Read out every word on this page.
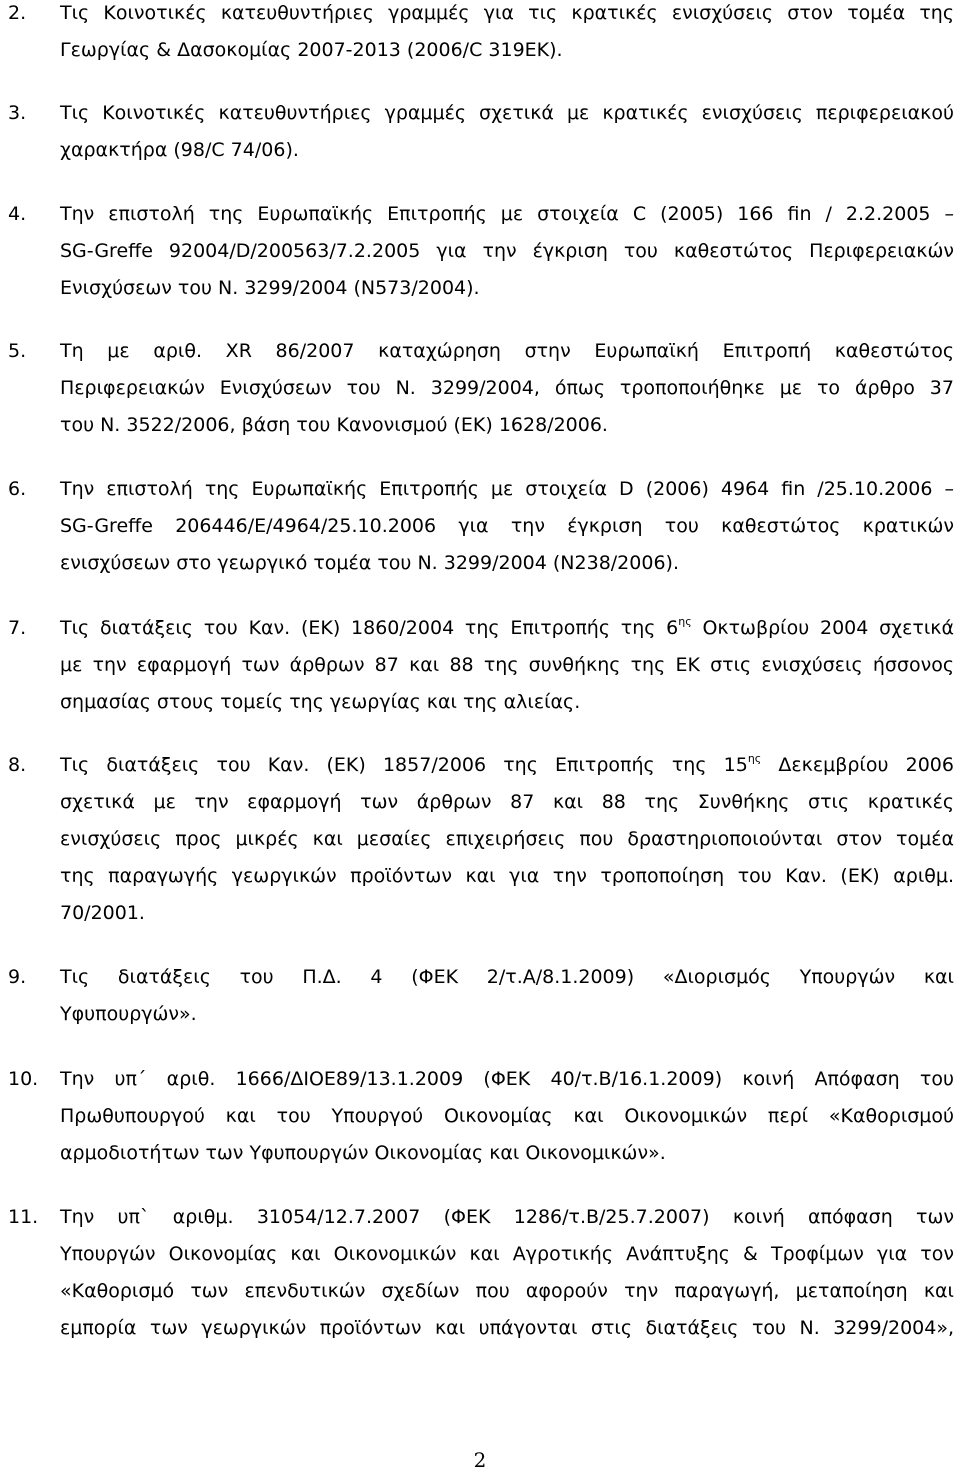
2. Τις Κοινοτικές κατευθυντήριες γραμμές για τις κρατικές ενισχύσεις στον τομέα της
Γεωργίας & Δασοκομίας 2007-2013 (2006/C 319ΕΚ).
3. Τις Κοινοτικές κατευθυντήριες γραμμές σχετικά με κρατικές ενισχύσεις περιφερειακού
χαρακτήρα (98/C 74/06).
4. Την επιστολή της Ευρωπαϊκής Επιτροπής με στοιχεία C (2005) 166 fin / 2.2.2005 –
SG-Greffe 92004/D/200563/7.2.2005 για την έγκριση του καθεστώτος Περιφερειακών
Ενισχύσεων του Ν. 3299/2004 (Ν573/2004).
5. Τη με αριθ. XR 86/2007 καταχώρηση στην Ευρωπαϊκή Επιτροπή καθεστώτος
Περιφερειακών Ενισχύσεων του Ν. 3299/2004, όπως τροποποιήθηκε με το άρθρο 37
του Ν. 3522/2006, βάση του Κανονισμού (ΕΚ) 1628/2006.
6. Την επιστολή της Ευρωπαϊκής Επιτροπής με στοιχεία D (2006) 4964 fin /25.10.2006 –
SG-Greffe 206446/E/4964/25.10.2006 για την έγκριση του καθεστώτος κρατικών
ενισχύσεων στο γεωργικό τομέα του Ν. 3299/2004 (Ν238/2006).
7. Τις διατάξεις του Καν. (ΕΚ) 1860/2004 της Επιτροπής της $6^{\eta\varsigma}$ Οκτωβρίου 2004 σχετικά
με την εφαρμογή των άρθρων 87 και 88 της συνθήκης της ΕΚ στις ενισχύσεις ήσσονος
σημασίας στους τομείς της γεωργίας και της αλιείας.
8. Τις διατάξεις του Καν. (ΕΚ) 1857/2006 της Επιτροπής της $15^{\eta\varsigma}$ Δεκεμβρίου 2006
σχετικά με την εφαρμογή των άρθρων 87 και 88 της Συνθήκης στις κρατικές
ενισχύσεις προς μικρές και μεσαίες επιχειρήσεις που δραστηριοποιούνται στον τομέα
της παραγωγής γεωργικών προϊόντων και για την τροποποίηση του Καν. (ΕΚ) αριθμ.
70/2001.
9. Τις διατάξεις του Π.Δ. 4 (ΦΕΚ 2/τ.Α/8.1.2009) «Διορισμός Υπουργών και
Υφυπουργών».
10. Την υπ΄ αριθ. 1666/ΔΙΟΕ89/13.1.2009 (ΦΕΚ 40/τ.Β/16.1.2009) κοινή Απόφαση του
Πρωθυπουργού και του Υπουργού Οικονομίας και Οικονομικών περί «Καθορισμού
αρμοδιοτήτων των Υφυπουργών Οικονομίας και Οικονομικών».
11. Την υπ` αριθμ. 31054/12.7.2007 (ΦΕΚ 1286/τ.Β/25.7.2007) κοινή απόφαση των
Υπουργών Οικονομίας και Οικονομικών και Αγροτικής Ανάπτυξης & Τροφίμων για τον
«Καθορισμό των επενδυτικών σχεδίων που αφορούν την παραγωγή, μεταποίηση και
εμπορία των γεωργικών προϊόντων και υπάγονται στις διατάξεις του Ν. 3299/2004»,
2
